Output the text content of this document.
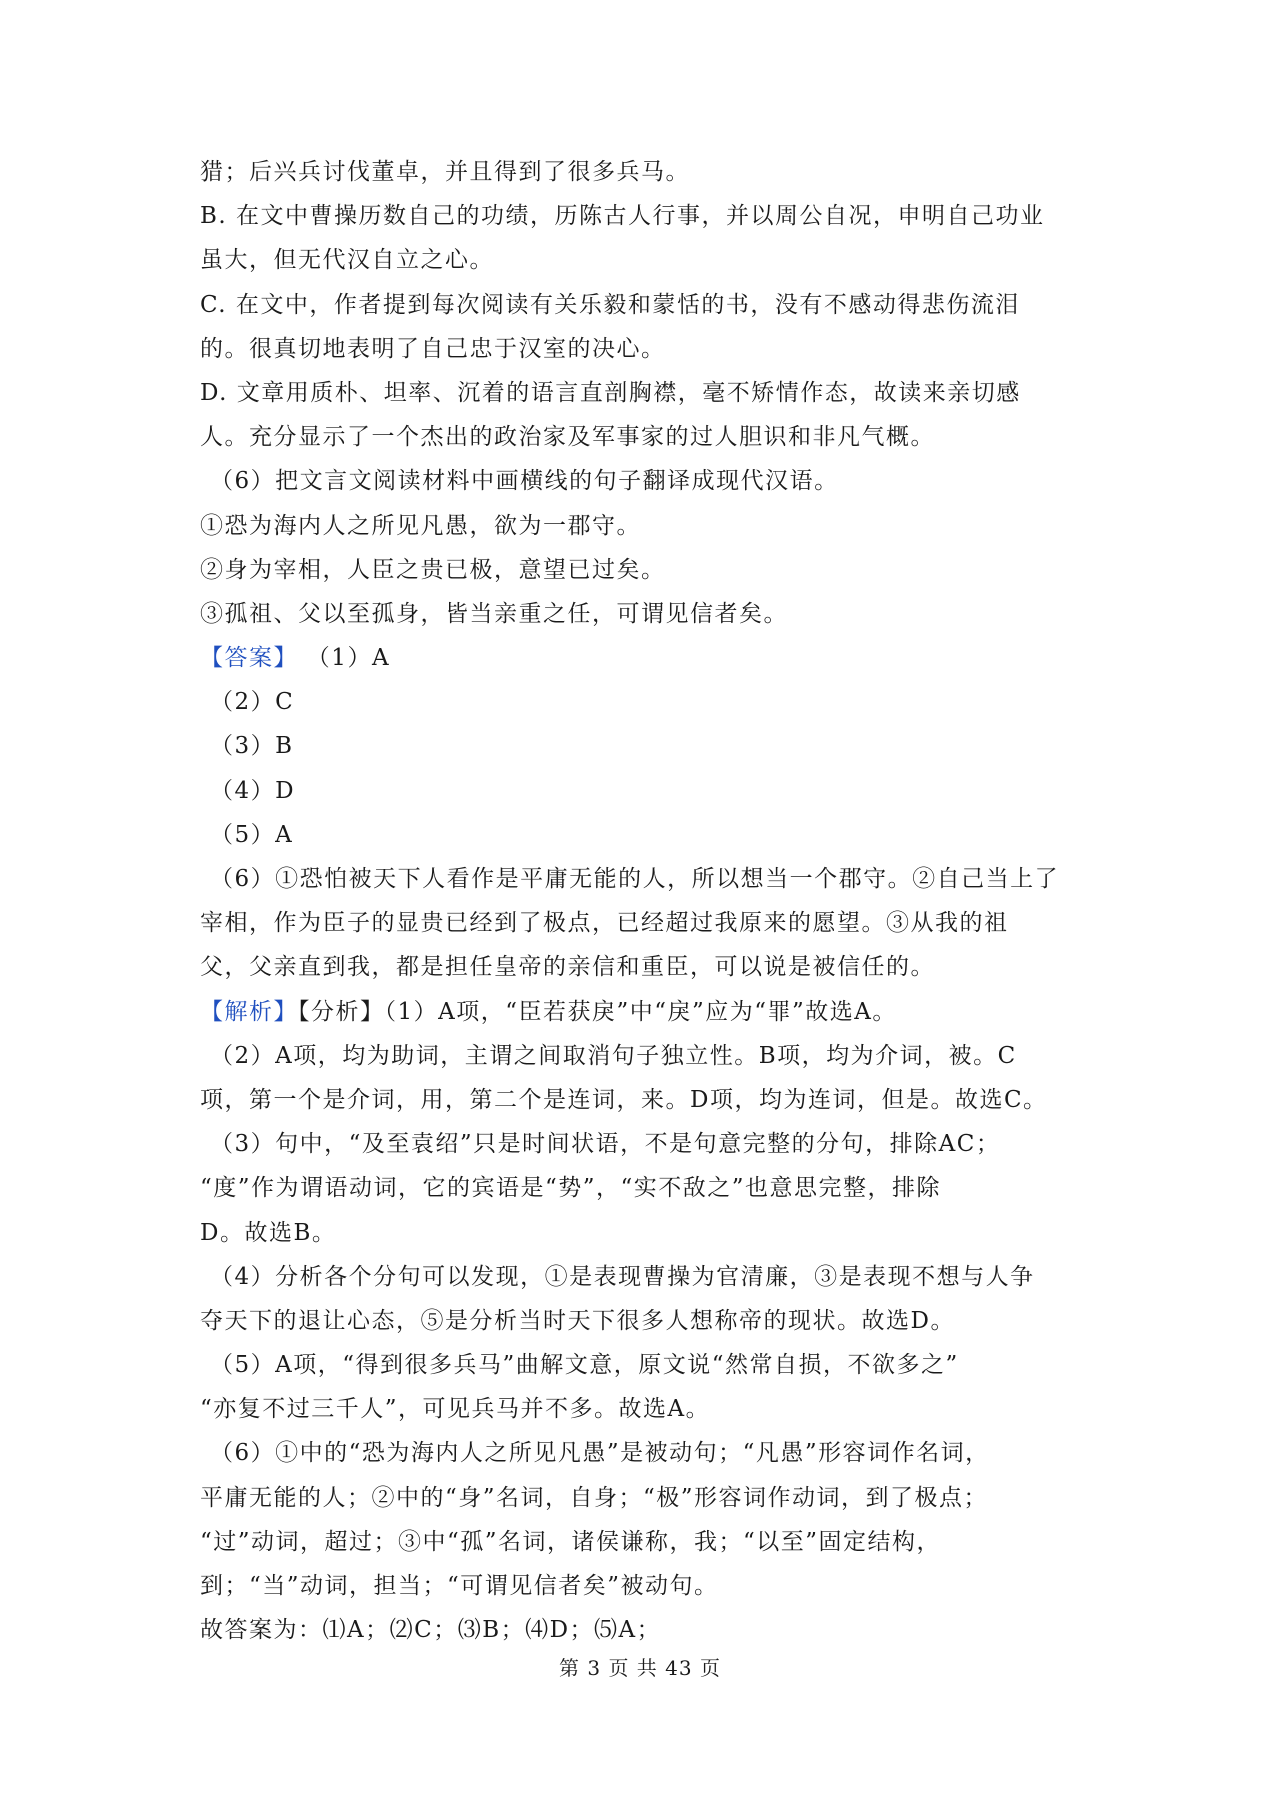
猎；后兴兵讨伐董卓，并且得到了很多兵马。
B. 在文中曹操历数自己的功绩，历陈古人行事，并以周公自况，申明自己功业
虽大，但无代汉自立之心。
C. 在文中，作者提到每次阅读有关乐毅和蒙恬的书，没有不感动得悲伤流泪
的。很真切地表明了自己忠于汉室的决心。
D. 文章用质朴、坦率、沉着的语言直剖胸襟，毫不矫情作态，故读来亲切感
人。充分显示了一个杰出的政治家及军事家的过人胆识和非凡气概。
（6）把文言文阅读材料中画横线的句子翻译成现代汉语。
①恐为海内人之所见凡愚，欲为一郡守。
②身为宰相，人臣之贵已极，意望已过矣。
③孤祖、父以至孤身，皆当亲重之任，可谓见信者矣。
【答案】 （1）A
（2）C
（3）B
（4）D
（5）A
（6）①恐怕被天下人看作是平庸无能的人，所以想当一个郡守。②自己当上了
宰相，作为臣子的显贵已经到了极点，已经超过我原来的愿望。③从我的祖
父，父亲直到我，都是担任皇帝的亲信和重臣，可以说是被信任的。
【解析】【分析】（1）A项，“臣若获戾”中“戾”应为“罪”故选A。
（2）A项，均为助词，主谓之间取消句子独立性。B项，均为介词，被。C
项，第一个是介词，用，第二个是连词，来。D项，均为连词，但是。故选C。
（3）句中，“及至袁绍”只是时间状语，不是句意完整的分句，排除AC；
“度”作为谓语动词，它的宾语是“势”，“实不敌之”也意思完整，排除
D。故选B。
（4）分析各个分句可以发现，①是表现曹操为官清廉，③是表现不想与人争
夺天下的退让心态，⑤是分析当时天下很多人想称帝的现状。故选D。
（5）A项，“得到很多兵马”曲解文意，原文说“然常自损，不欲多之”
“亦复不过三千人”，可见兵马并不多。故选A。
（6）①中的“恐为海内人之所见凡愚”是被动句；“凡愚”形容词作名词，
平庸无能的人；②中的“身”名词，自身；“极”形容词作动词，到了极点；
“过”动词，超过；③中“孤”名词，诸侯谦称，我；“以至”固定结构，
到；“当”动词，担当；“可谓见信者矣”被动句。
故答案为：⑴A；⑵C；⑶B；⑷D；⑸A；
第 3 页 共 43 页
